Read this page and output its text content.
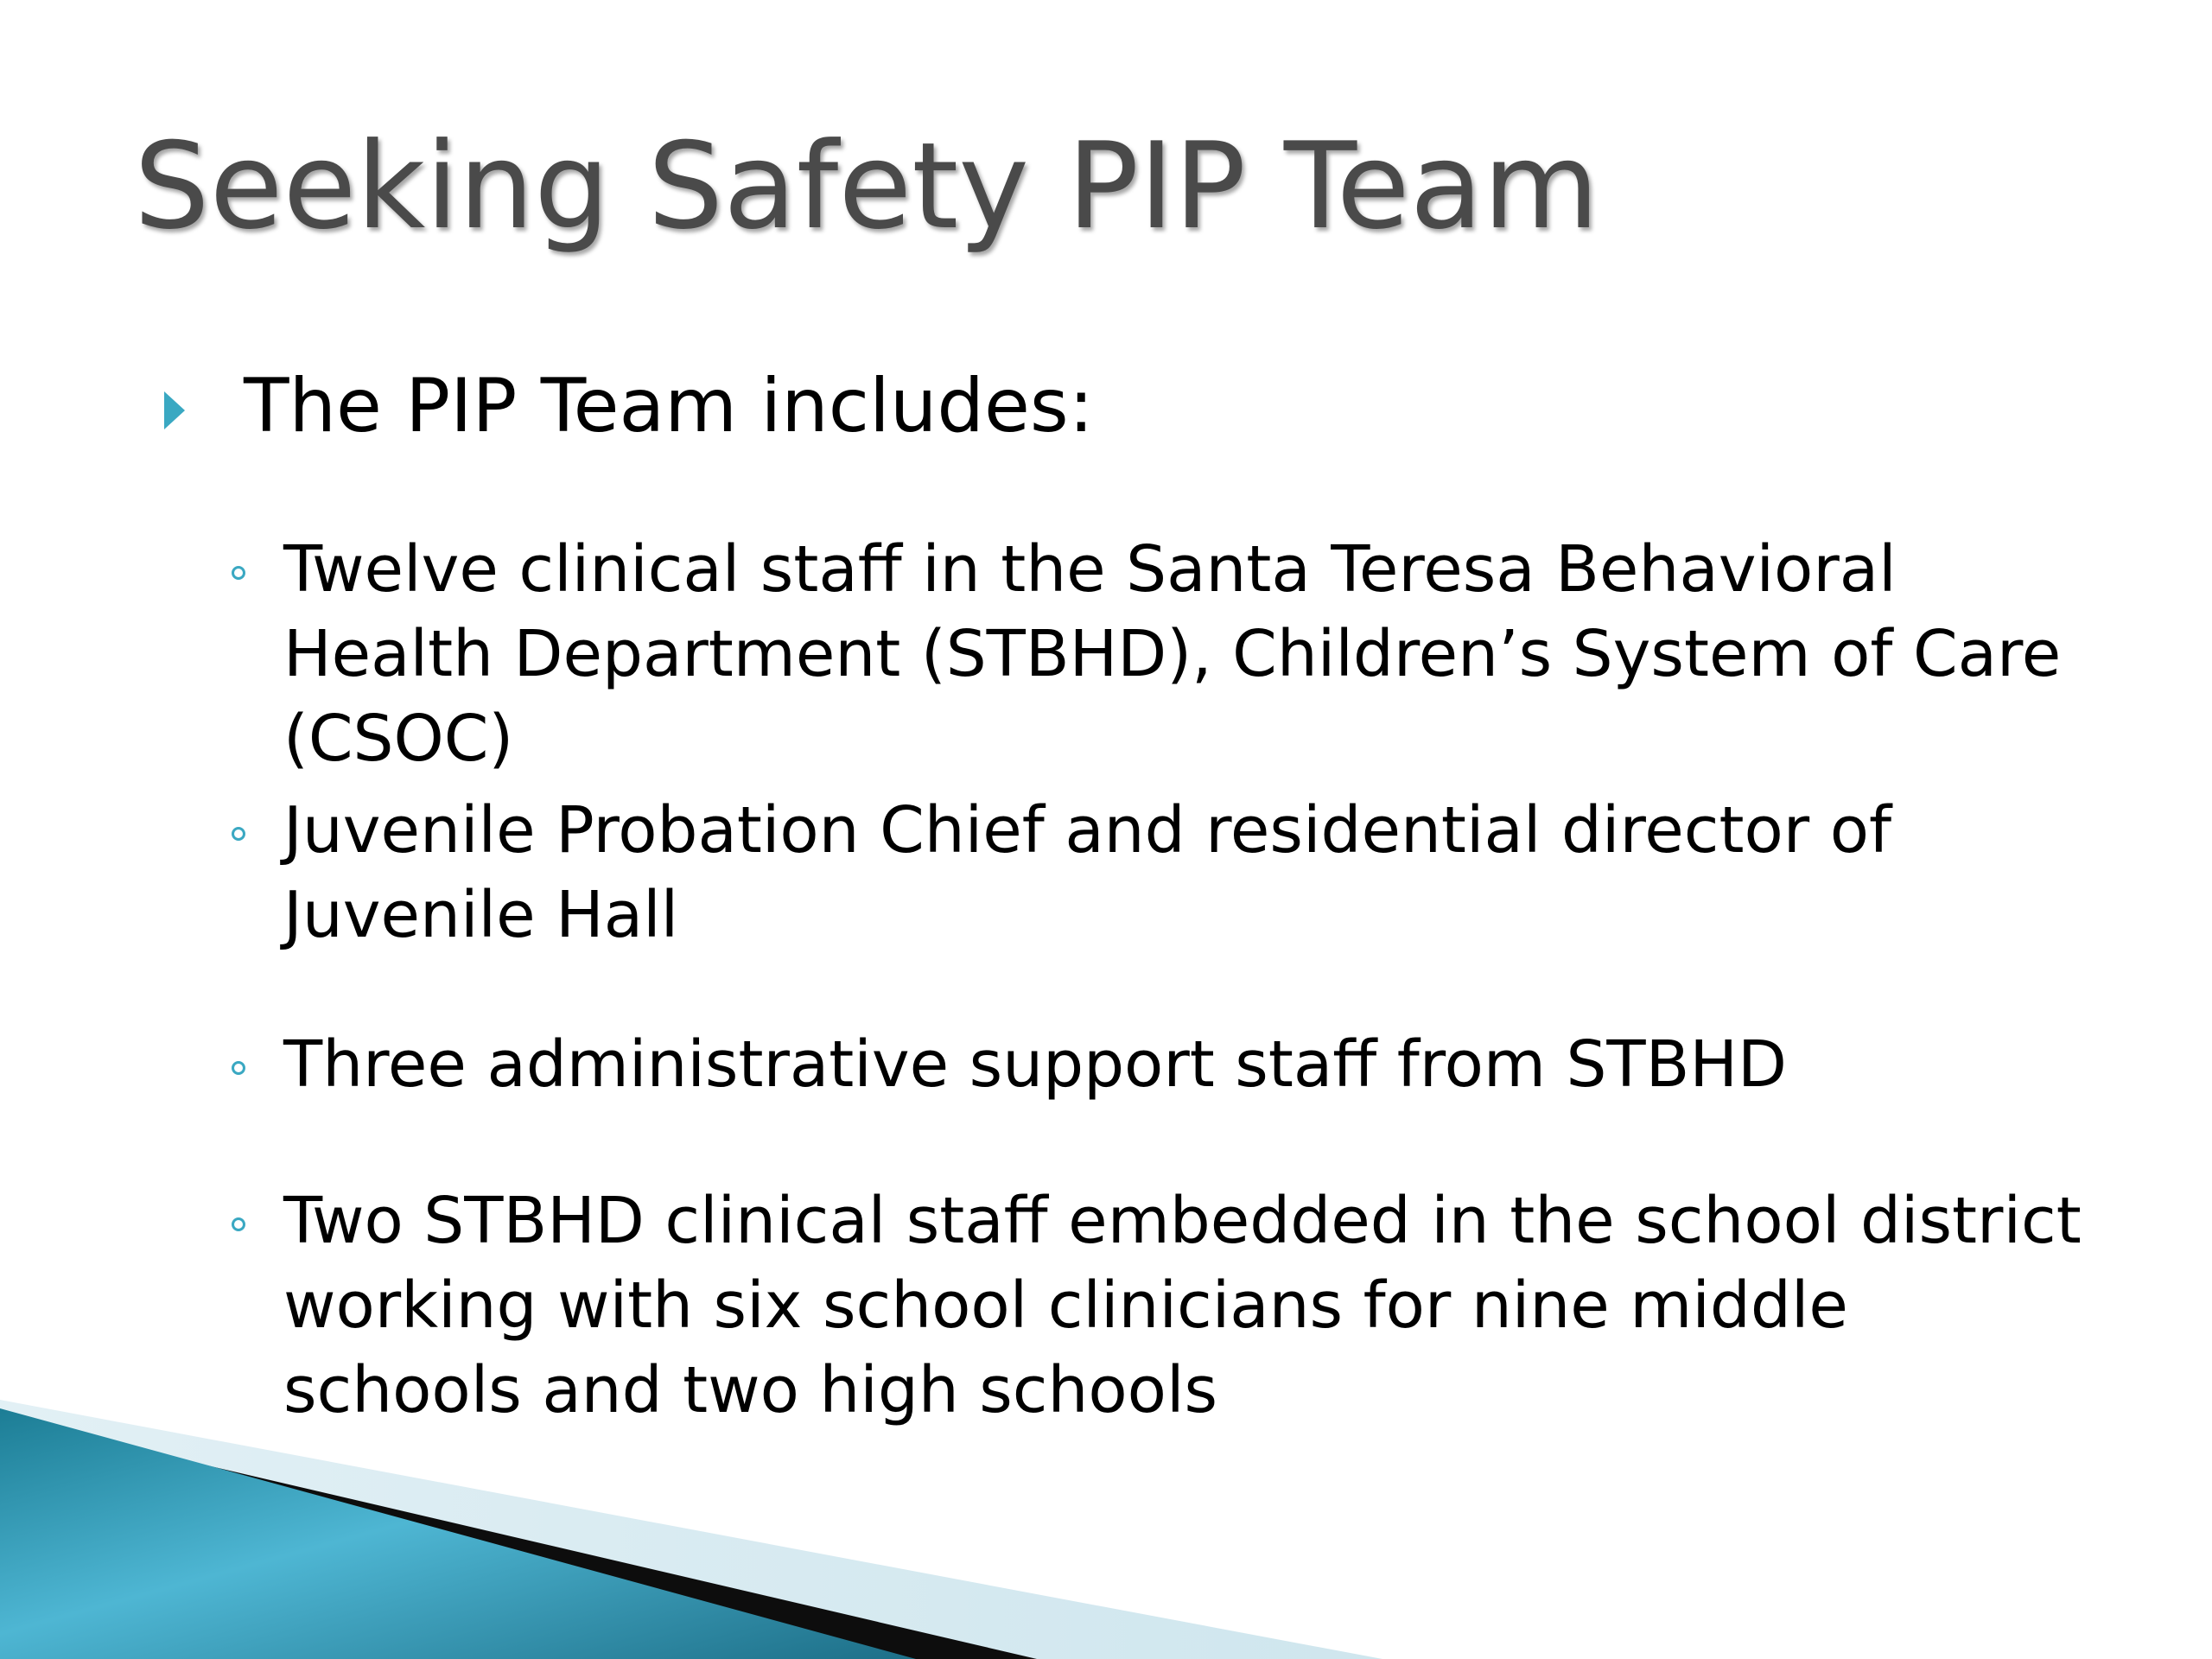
Seeking Safety PIP Team
The PIP Team includes:
Twelve clinical staff in the Santa Teresa Behavioral Health Department (STBHD), Children’s System of Care (CSOC)
Juvenile Probation Chief and residential director of Juvenile Hall
Three administrative support staff from STBHD
Two STBHD clinical staff embedded in the school district working with six school clinicians for nine middle schools and two high schools
